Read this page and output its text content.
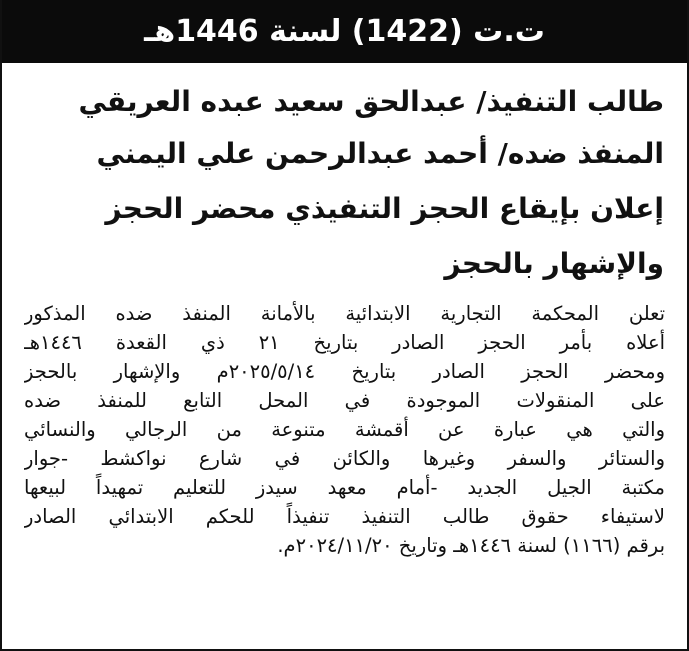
ت.ت (1422) لسنة 1446هـ
طالب التنفيذ/ عبدالحق سعيد عبده العريقي
المنفذ ضده/ أحمد عبدالرحمن علي اليمني
إعلان بإيقاع الحجز التنفيذي محضر الحجز
والإشهار بالحجز
تعلن المحكمة التجارية الابتدائية بالأمانة المنفذ ضده المذكور
أعلاه بأمر الحجز الصادر بتاريخ ٢١ ذي القعدة ١٤٤٦هـ
ومحضر الحجز الصادر بتاريخ ٢٠٢٥/٥/١٤م والإشهار بالحجز
على المنقولات الموجودة في المحل التابع للمنفذ ضده
والتي هي عبارة عن أقمشة متنوعة من الرجالي والنسائي
والستائر والسفر وغيرها والكائن في شارع نواكشط -جوار
مكتبة الجيل الجديد -أمام معهد سيدز للتعليم تمهيداً لبيعها
لاستيفاء حقوق طالب التنفيذ تنفيذاً للحكم الابتدائي الصادر
برقم (١١٦٦) لسنة ١٤٤٦هـ وتاريخ ٢٠٢٤/١١/٢٠م.
